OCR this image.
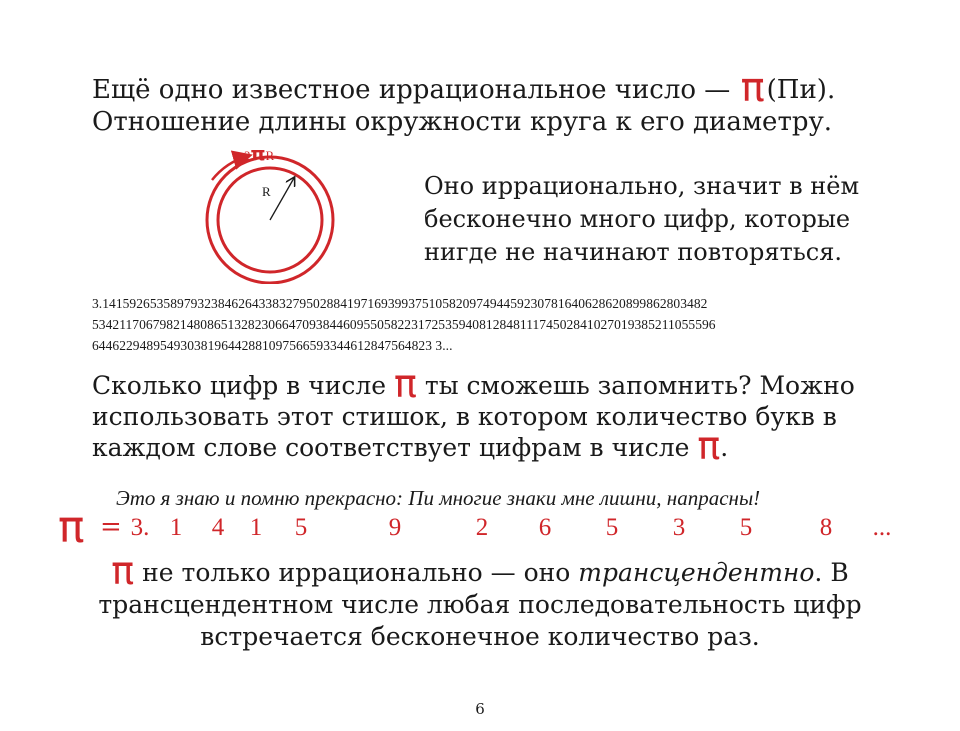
Ещё одно известное иррациональное число — π(Пи).
Отношение длины окружности круга к его диаметру.

2πR
R	Оно иррационально, значит в нём
бесконечно много цифр, которые
нигде не начинают повторяться.

3.14159265358979323846264338327950288419716939937510582097494459230781640628620899862803482
53421170679821480865132823066470938446095505822317253594081284811174502841027019385211055596
64462294895493038196442881097566593344612847564823 3...

Сколько цифр в числе π ты сможешь запомнить? Можно
использовать этот стишок, в котором количество букв в
каждом слове соответствует цифрам в числе π.

Это я знаю и помню прекрасно: Пи многие знаки мне лишни, напрасны!

π = 3. 1 4 1 5	9	2 6 5 3 5	8 ...

π не только иррационально — оно трансцендентно. В
трансцендентном числе любая последовательность цифр
встречается бесконечное количество раз.

6
